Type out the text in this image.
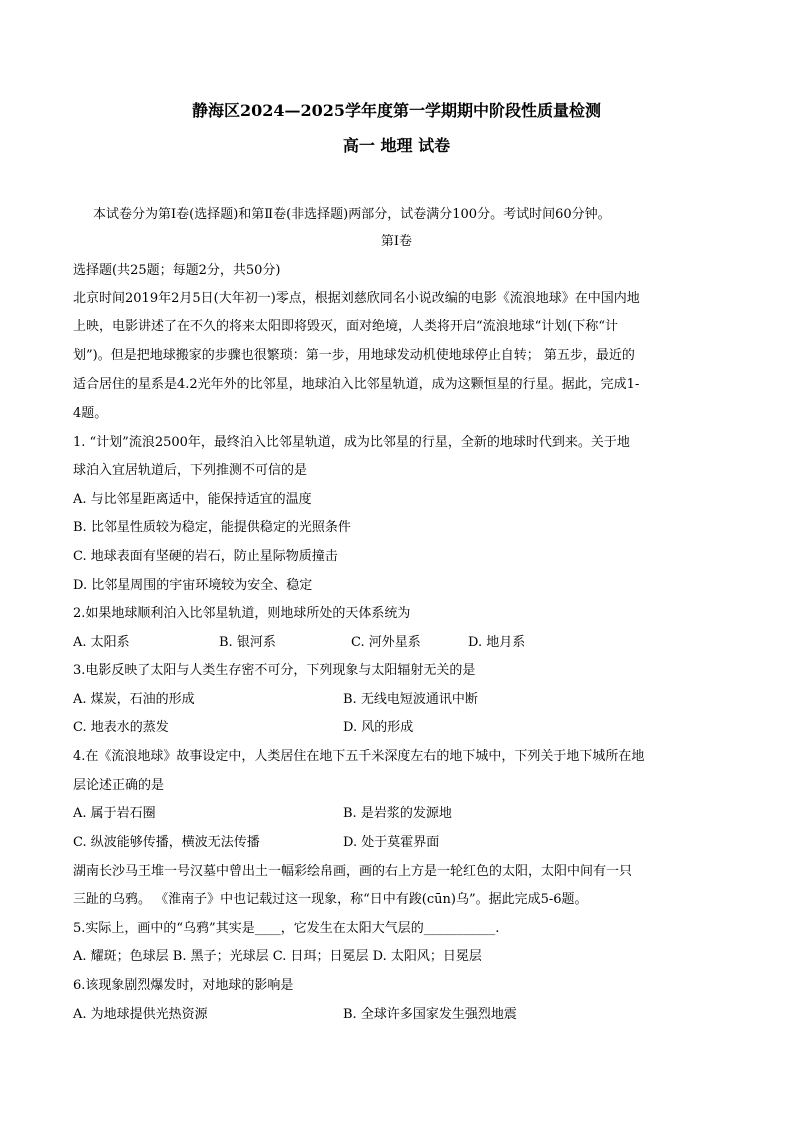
静海区2024—2025学年度第一学期期中阶段性质量检测
高一 地理 试卷
本试卷分为第Ⅰ卷(选择题)和第Ⅱ卷(非选择题)两部分，试卷满分100分。考试时间60分钟。
第Ⅰ卷
选择题(共25题；每题2分，共50分)
北京时间2019年2月5日(大年初一)零点，根据刘慈欣同名小说改编的电影《流浪地球》在中国内地
上映，电影讲述了在不久的将来太阳即将毁灭，面对绝境，人类将开启“流浪地球“计划(下称“计
划”)。但是把地球搬家的步骤也很繁琐：第一步，用地球发动机使地球停止自转； 第五步，最近的
适合居住的星系是4.2光年外的比邻星，地球泊入比邻星轨道，成为这颗恒星的行星。据此，完成1-
4题。
1. “计划”流浪2500年，最终泊入比邻星轨道，成为比邻星的行星，全新的地球时代到来。关于地
球泊入宜居轨道后，下列推测不可信的是
A. 与比邻星距离适中，能保持适宜的温度
B. 比邻星性质较为稳定，能提供稳定的光照条件
C. 地球表面有坚硬的岩石，防止星际物质撞击
D. 比邻星周围的宇宙环境较为安全、稳定
2.如果地球顺利泊入比邻星轨道，则地球所处的天体系统为
A. 太阳系	B. 银河系	C. 河外星系	D. 地月系
3.电影反映了太阳与人类生存密不可分，下列现象与太阳辐射无关的是
A. 煤炭，石油的形成	B. 无线电短波通讯中断
C. 地表水的蒸发	D. 风的形成
4.在《流浪地球》故事设定中，人类居住在地下五千米深度左右的地下城中，下列关于地下城所在地
层论述正确的是
A. 属于岩石圈	B. 是岩浆的发源地
C. 纵波能够传播，横波无法传播	D. 处于莫霍界面
湖南长沙马王堆一号汉墓中曾出土一幅彩绘帛画，画的右上方是一轮红色的太阳，太阳中间有一只
三趾的乌鸦。 《淮南子》中也记载过这一现象，称“日中有踆(cūn)乌”。据此完成5-6题。
5.实际上，画中的“乌鸦”其实是____，它发生在太阳大气层的___________.
A. 耀斑；色球层 B. 黑子；光球层 C. 日珥；日冕层 D. 太阳风；日冕层
6.该现象剧烈爆发时，对地球的影响是
A. 为地球提供光热资源	B. 全球许多国家发生强烈地震
